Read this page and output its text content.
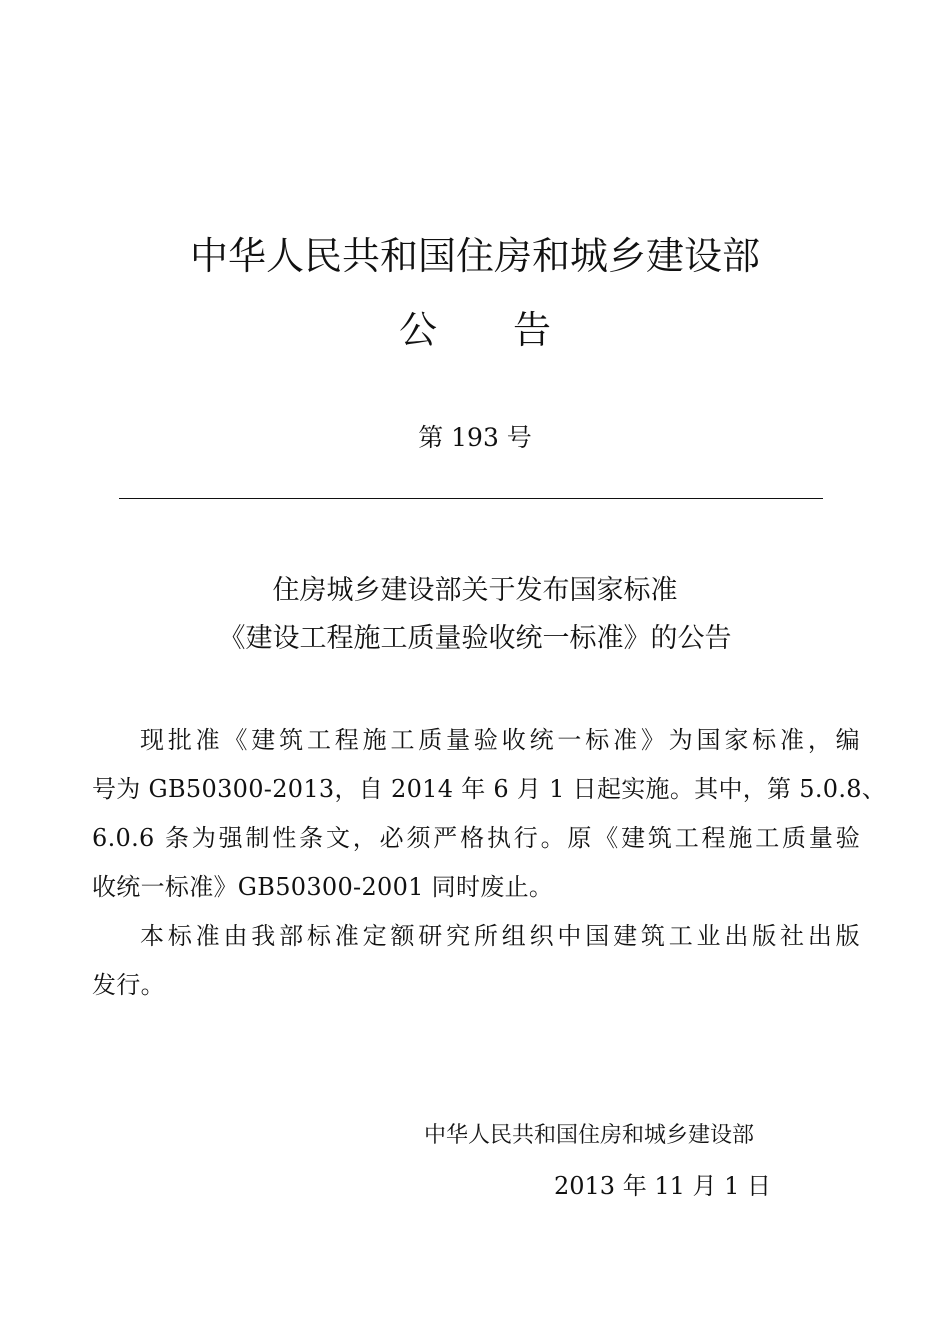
中华人民共和国住房和城乡建设部
公　　告
第 193 号
住房城乡建设部关于发布国家标准
《建设工程施工质量验收统一标准》的公告
现批准《建筑工程施工质量验收统一标准》为国家标准，编
号为 GB50300-2013，自 2014 年 6 月 1 日起实施。其中，第 5.0.8、
6.0.6 条为强制性条文，必须严格执行。原《建筑工程施工质量验
收统一标准》GB50300-2001 同时废止。
本标准由我部标准定额研究所组织中国建筑工业出版社出版
发行。
中华人民共和国住房和城乡建设部
2013 年 11 月 1 日
